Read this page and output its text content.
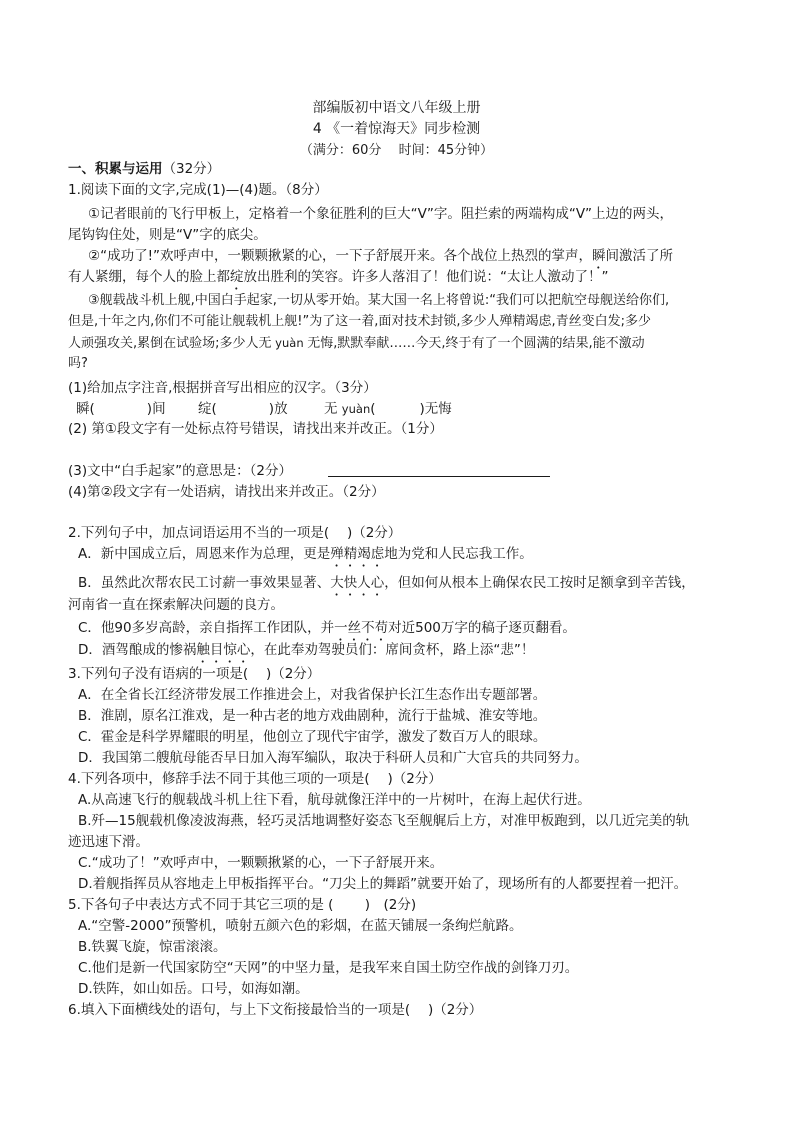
部编版初中语文八年级上册
4 《一着惊海天》同步检测
（满分：60分　 时间：45分钟）
一、积累与运用（32分）
1.阅读下面的文字,完成(1)—(4)题。（8分）
①记者眼前的飞行甲板上，定格着一个象征胜利的巨大“V”字。阻拦索的两端构成“V”上边的两头，
尾钩钩住处，则是“V”字的底尖。
②“成功了!”欢呼声中，一颗颗揪紧的心，一下子舒展开来。各个战位上热烈的掌声，瞬间激活了所
有人紧绷，每个人的脸上都绽放出胜利的笑容。许多人落泪了！他们说：“太让人激动了！”
③舰载战斗机上舰,中国白手起家,一切从零开始。某大国一名上将曾说:“我们可以把航空母舰送给你们,
但是,十年之内,你们不可能让舰载机上舰!”为了这一着,面对技术封锁,多少人殚精竭虑,青丝变白发;多少
人顽强攻关,累倒在试验场;多少人无 yuàn 无悔,默默奉献……今天,终于有了一个圆满的结果,能不激动
吗?
(1)给加点字注音,根据拼音写出相应的汉字。（3分）
瞬(	)间 绽(	)放	无 yuàn(	)无悔
(2) 第①段文字有一处标点符号错误，请找出来并改正。（1分）
(3)文中“白手起家”的意思是：（2分）
(4)第②段文字有一处语病，请找出来并改正。（2分）
2.下列句子中，加点词语运用不当的一项是(　 )（2分）
A．新中国成立后，周恩来作为总理，更是殚精竭虑地为党和人民忘我工作。
B．虽然此次帮农民工讨薪一事效果显著、大快人心，但如何从根本上确保农民工按时足额拿到辛苦钱，
河南省一直在探索解决问题的良方。
C．他90多岁高龄，亲自指挥工作团队，并一丝不苟对近500万字的稿子逐页翻看。
D．酒驾酿成的惨祸触目惊心，在此奉劝驾驶员们：席间贪杯，路上添“悲”！
3.下列句子没有语病的一项是(　 )（2分）
A．在全省长江经济带发展工作推进会上，对我省保护长江生态作出专题部署。
B．淮剧，原名江淮戏，是一种古老的地方戏曲剧种，流行于盐城、淮安等地。
C．霍金是科学界耀眼的明星，他创立了现代宇宙学，激发了数百万人的眼球。
D．我国第二艘航母能否早日加入海军编队，取决于科研人员和广大官兵的共同努力。
4.下列各项中，修辞手法不同于其他三项的一项是(　 )（2分）
A.从高速飞行的舰载战斗机上往下看，航母就像汪洋中的一片树叶，在海上起伏行进。
B.歼—15舰载机像凌波海燕，轻巧灵活地调整好姿态飞至舰艉后上方，对准甲板跑到，以几近完美的轨
迹迅速下滑。
C.“成功了！”欢呼声中，一颗颗揪紧的心，一下子舒展开来。
D.着舰指挥员从容地走上甲板指挥平台。“刀尖上的舞蹈”就要开始了，现场所有的人都要捏着一把汗。
5.下各句子中表达方式不同于其它三项的是 (　　 )　(2分)
A.“空警-2000”预警机，喷射五颜六色的彩烟，在蓝天铺展一条绚烂航路。
B.铁翼飞旋，惊雷滚滚。
C.他们是新一代国家防空“天网”的中坚力量，是我军来自国土防空作战的剑锋刀刃。
D.铁阵，如山如岳。口号，如海如潮。
6.填入下面横线处的语句，与上下文衔接最恰当的一项是(　 )（2分）
